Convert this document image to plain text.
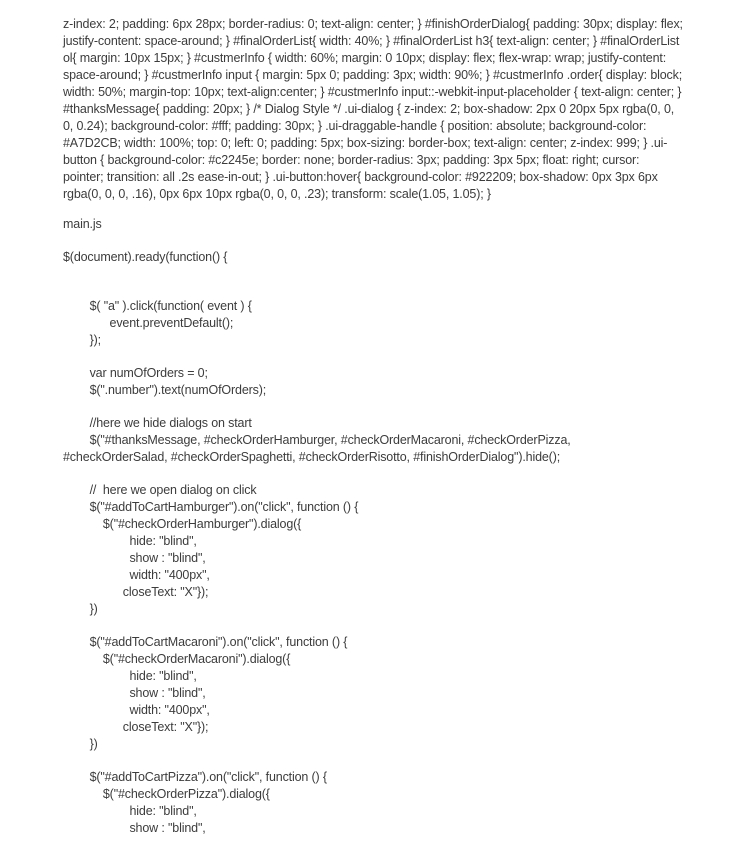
z-index: 2; padding: 6px 28px; border-radius: 0; text-align: center; } #finishOrderDialog{ padding: 30px; display: flex; justify-content: space-around; } #finalOrderList{ width: 40%; } #finalOrderList h3{ text-align: center; } #finalOrderList ol{ margin: 10px 15px; } #custmerInfo { width: 60%; margin: 0 10px; display: flex; flex-wrap: wrap; justify-content: space-around; } #custmerInfo input { margin: 5px 0; padding: 3px; width: 90%; } #custmerInfo .order{ display: block; width: 50%; margin-top: 10px; text-align:center; } #custmerInfo input::-webkit-input-placeholder { text-align: center; } #thanksMessage{ padding: 20px; } /* Dialog Style */ .ui-dialog { z-index: 2; box-shadow: 2px 0 20px 5px rgba(0, 0, 0, 0.24); background-color: #fff; padding: 30px; } .ui-draggable-handle { position: absolute; background-color: #A7D2CB; width: 100%; top: 0; left: 0; padding: 5px; box-sizing: border-box; text-align: center; z-index: 999; } .ui-button { background-color: #c2245e; border: none; border-radius: 3px; padding: 3px 5px; float: right; cursor: pointer; transition: all .2s ease-in-out; } .ui-button:hover{ background-color: #922209; box-shadow: 0px 3px 6px rgba(0, 0, 0, .16), 0px 6px 10px rgba(0, 0, 0, .23); transform: scale(1.05, 1.05); }

main.js
$(document).ready(function() {
$( "a" ).click(function( event ) {
event.preventDefault();
});
var numOfOrders = 0;
$(".number").text(numOfOrders);
//here we hide dialogs on start
$("#thanksMessage, #checkOrderHamburger, #checkOrderMacaroni, #checkOrderPizza,
#checkOrderSalad, #checkOrderSpaghetti, #checkOrderRisotto, #finishOrderDialog").hide();
//  here we open dialog on click
$("#addToCartHamburger").on("click", function () {
$("#checkOrderHamburger").dialog({
hide: "blind",
show : "blind",
width: "400px",
closeText: "X"});
})
$("#addToCartMacaroni").on("click", function () {
$("#checkOrderMacaroni").dialog({
hide: "blind",
show : "blind",
width: "400px",
closeText: "X"});
})
$("#addToCartPizza").on("click", function () {
$("#checkOrderPizza").dialog({
hide: "blind",
show : "blind",
